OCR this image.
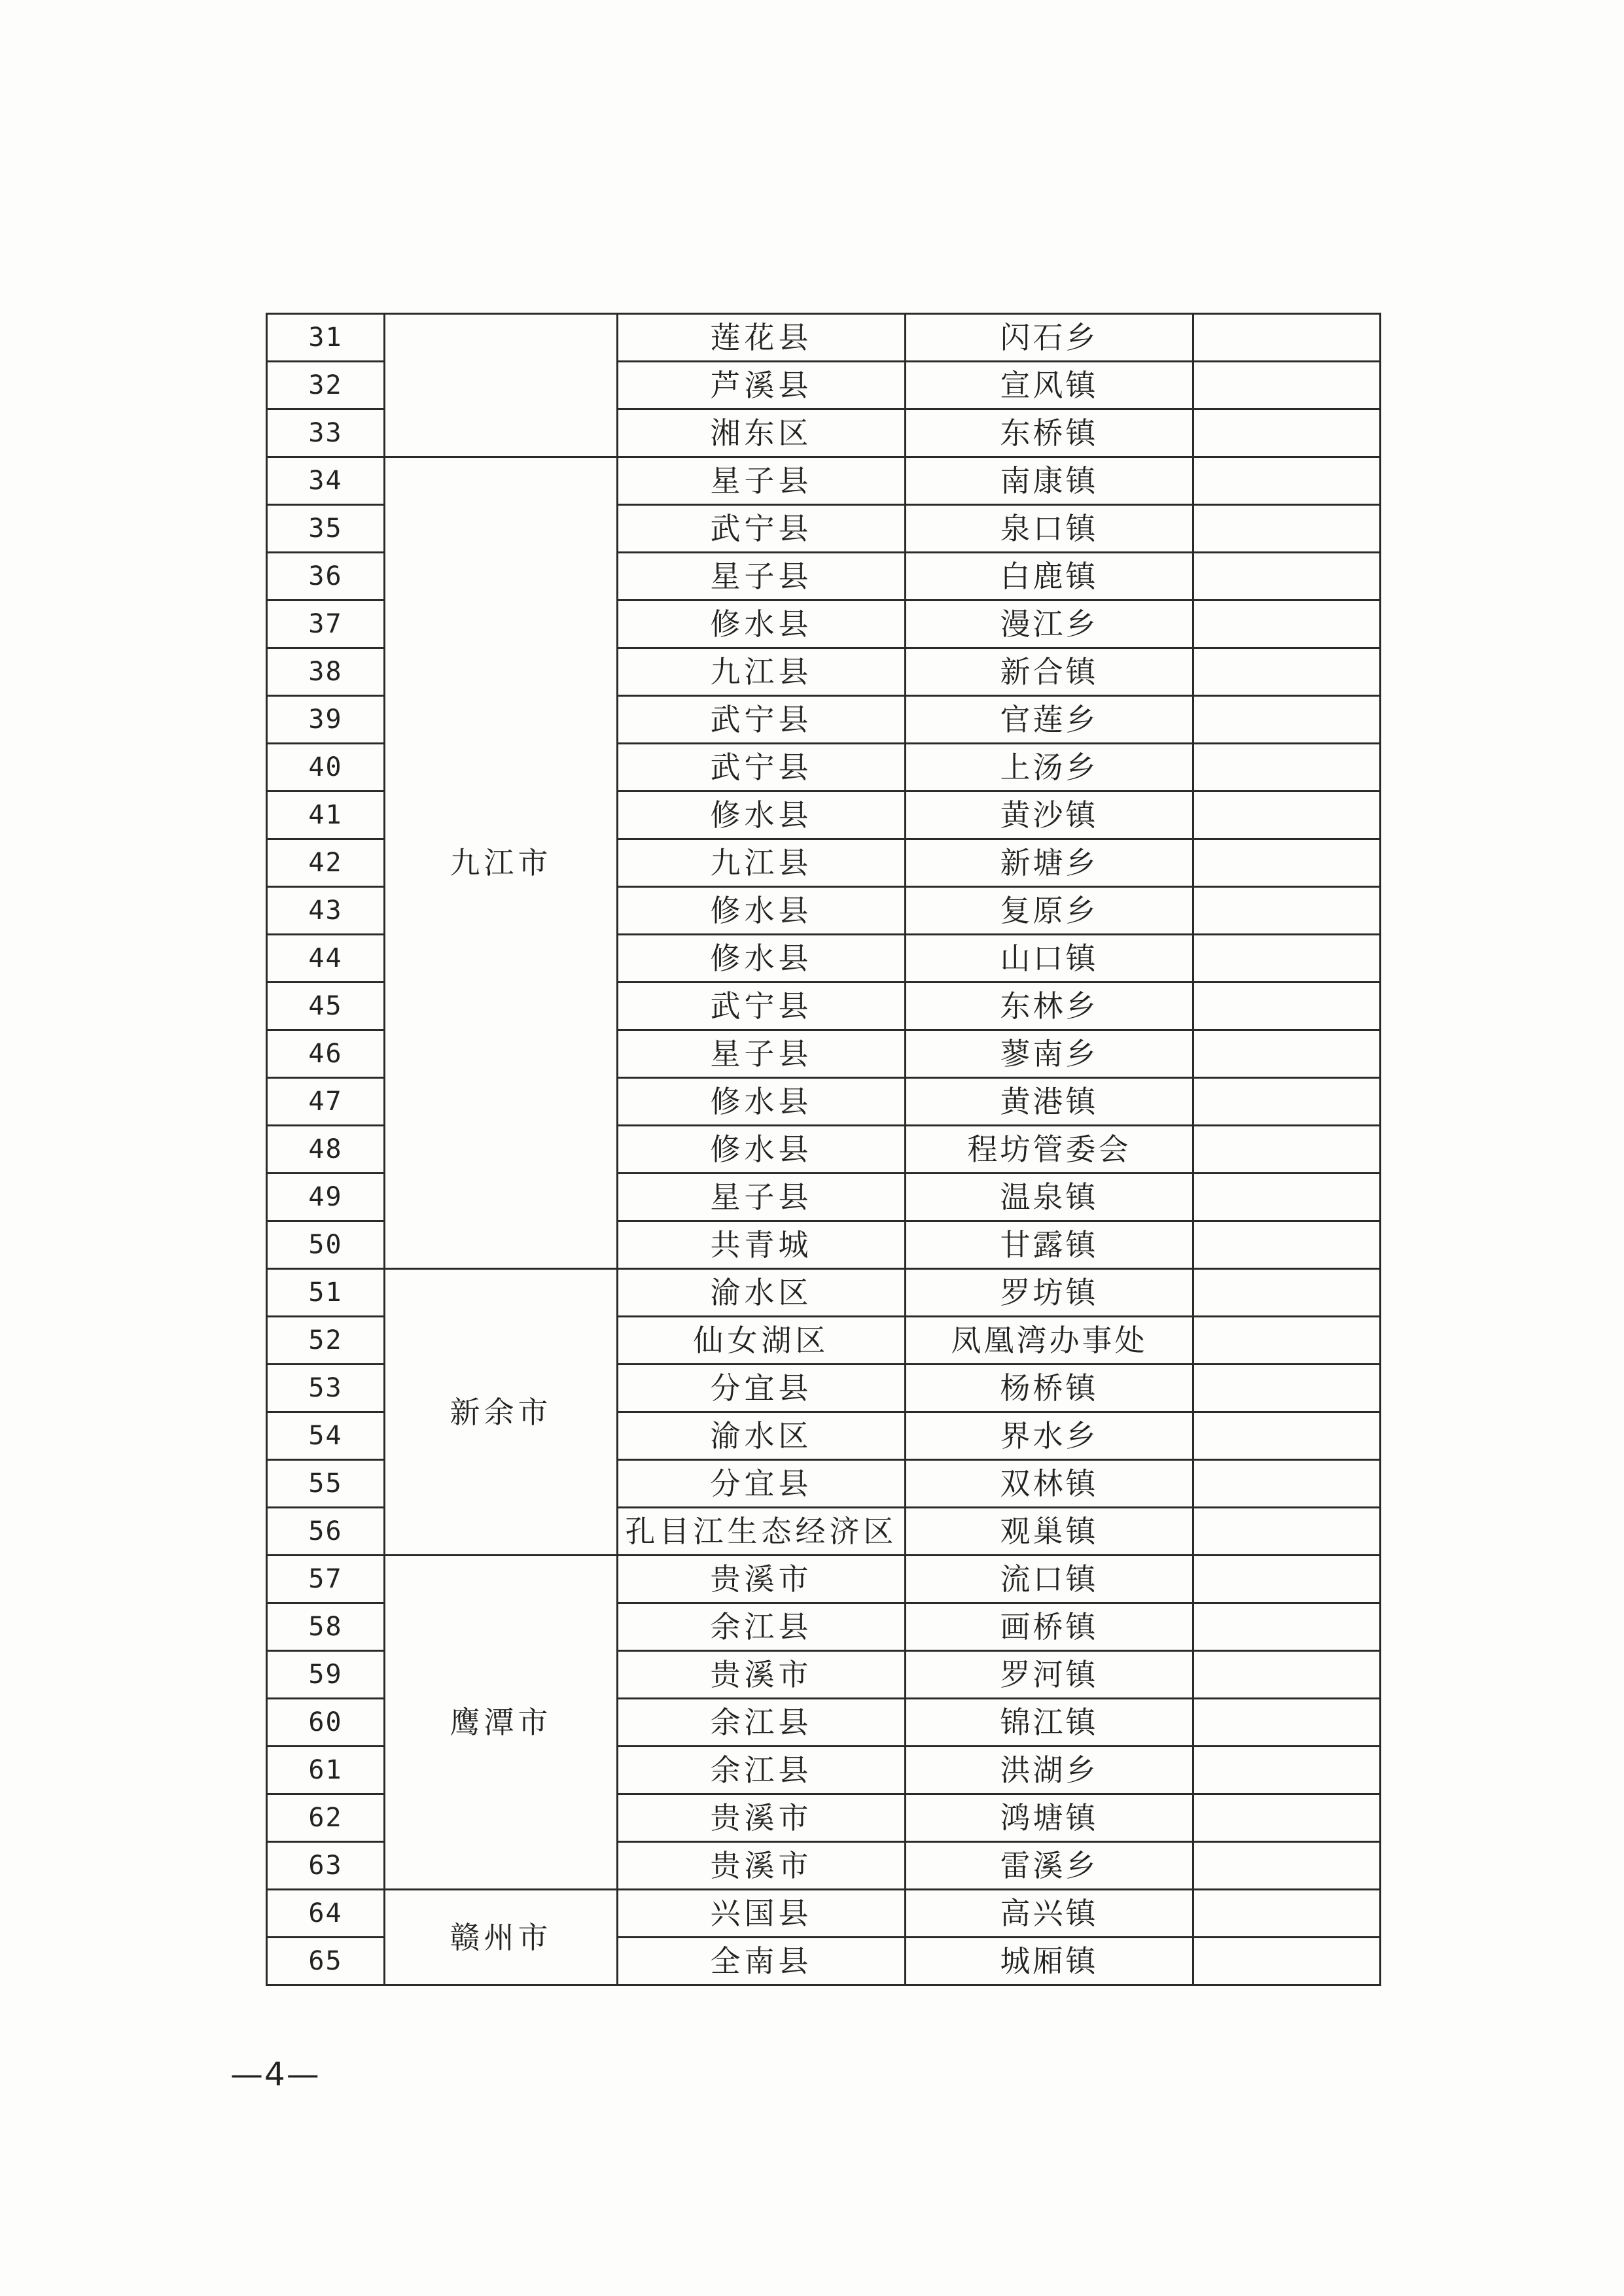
31		莲花县	闪石乡	
32		芦溪县	宣风镇	
33		湘东区	东桥镇	
34	九江市	星子县	南康镇	
35		武宁县	泉口镇	
36		星子县	白鹿镇	
37		修水县	漫江乡	
38		九江县	新合镇	
39		武宁县	官莲乡	
40		武宁县	上汤乡	
41		修水县	黄沙镇	
42		九江县	新塘乡	
43		修水县	复原乡	
44		修水县	山口镇	
45		武宁县	东林乡	
46		星子县	蓼南乡	
47		修水县	黄港镇	
48		修水县	程坊管委会	
49		星子县	温泉镇	
50		共青城	甘露镇	
51	新余市	渝水区	罗坊镇	
52		仙女湖区	凤凰湾办事处	
53		分宜县	杨桥镇	
54		渝水区	界水乡	
55		分宜县	双林镇	
56		孔目江生态经济区	观巢镇	
57	鹰潭市	贵溪市	流口镇	
58		余江县	画桥镇	
59		贵溪市	罗河镇	
60		余江县	锦江镇	
61		余江县	洪湖乡	
62		贵溪市	鸿塘镇	
63		贵溪市	雷溪乡	
64	赣州市	兴国县	高兴镇	
65		全南县	城厢镇	
—4—
